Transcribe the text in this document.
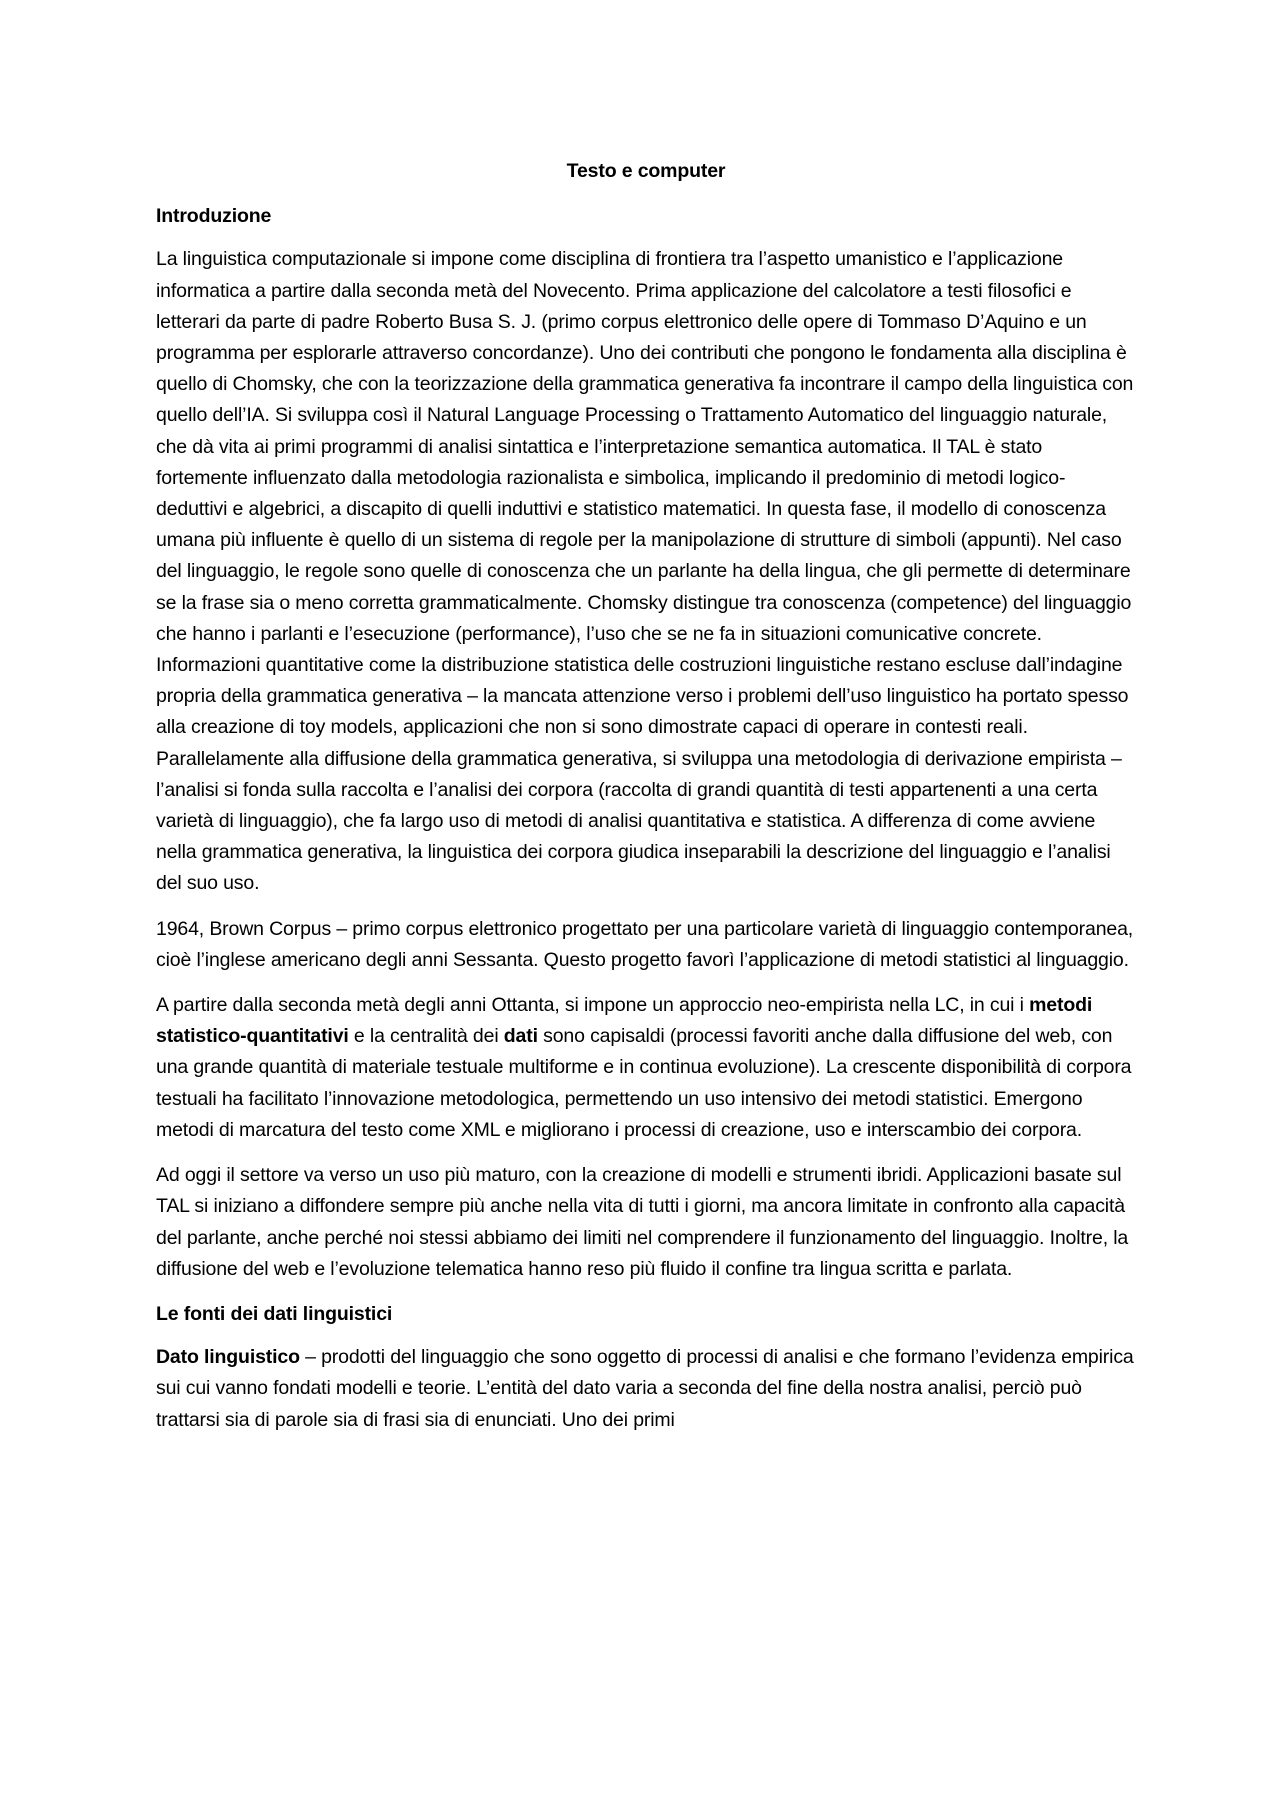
Testo e computer
Introduzione

La linguistica computazionale si impone come disciplina di frontiera tra l’aspetto umanistico e l’applicazione informatica a partire dalla seconda metà del Novecento. Prima applicazione del calcolatore a testi filosofici e letterari da parte di padre Roberto Busa S. J. (primo corpus elettronico delle opere di Tommaso D’Aquino e un programma per esplorarle attraverso concordanze). Uno dei contributi che pongono le fondamenta alla disciplina è quello di Chomsky, che con la teorizzazione della grammatica generativa fa incontrare il campo della linguistica con quello dell’IA. Si sviluppa così il Natural Language Processing o Trattamento Automatico del linguaggio naturale, che dà vita ai primi programmi di analisi sintattica e l’interpretazione semantica automatica. Il TAL è stato fortemente influenzato dalla metodologia razionalista e simbolica, implicando il predominio di metodi logico-deduttivi e algebrici, a discapito di quelli induttivi e statistico matematici. In questa fase, il modello di conoscenza umana più influente è quello di un sistema di regole per la manipolazione di strutture di simboli (appunti). Nel caso del linguaggio, le regole sono quelle di conoscenza che un parlante ha della lingua, che gli permette di determinare se la frase sia o meno corretta grammaticalmente. Chomsky distingue tra conoscenza (competence) del linguaggio che hanno i parlanti e l’esecuzione (performance), l’uso che se ne fa in situazioni comunicative concrete. Informazioni quantitative come la distribuzione statistica delle costruzioni linguistiche restano escluse dall’indagine propria della grammatica generativa – la mancata attenzione verso i problemi dell’uso linguistico ha portato spesso alla creazione di toy models, applicazioni che non si sono dimostrate capaci di operare in contesti reali. Parallelamente alla diffusione della grammatica generativa, si sviluppa una metodologia di derivazione empirista – l’analisi si fonda sulla raccolta e l’analisi dei corpora (raccolta di grandi quantità di testi appartenenti a una certa varietà di linguaggio), che fa largo uso di metodi di analisi quantitativa e statistica. A differenza di come avviene nella grammatica generativa, la linguistica dei corpora giudica inseparabili la descrizione del linguaggio e l’analisi del suo uso.

1964, Brown Corpus – primo corpus elettronico progettato per una particolare varietà di linguaggio contemporanea, cioè l’inglese americano degli anni Sessanta. Questo progetto favorì l’applicazione di metodi statistici al linguaggio.

A partire dalla seconda metà degli anni Ottanta, si impone un approccio neo-empirista nella LC, in cui i metodi statistico-quantitativi e la centralità dei dati sono capisaldi (processi favoriti anche dalla diffusione del web, con una grande quantità di materiale testuale multiforme e in continua evoluzione). La crescente disponibilità di corpora testuali ha facilitato l’innovazione metodologica, permettendo un uso intensivo dei metodi statistici. Emergono metodi di marcatura del testo come XML e migliorano i processi di creazione, uso e interscambio dei corpora.

Ad oggi il settore va verso un uso più maturo, con la creazione di modelli e strumenti ibridi. Applicazioni basate sul TAL si iniziano a diffondere sempre più anche nella vita di tutti i giorni, ma ancora limitate in confronto alla capacità del parlante, anche perché noi stessi abbiamo dei limiti nel comprendere il funzionamento del linguaggio. Inoltre, la diffusione del web e l’evoluzione telematica hanno reso più fluido il confine tra lingua scritta e parlata.

Le fonti dei dati linguistici

Dato linguistico – prodotti del linguaggio che sono oggetto di processi di analisi e che formano l’evidenza empirica sui cui vanno fondati modelli e teorie. L’entità del dato varia a seconda del fine della nostra analisi, perciò può trattarsi sia di parole sia di frasi sia di enunciati. Uno dei primi
